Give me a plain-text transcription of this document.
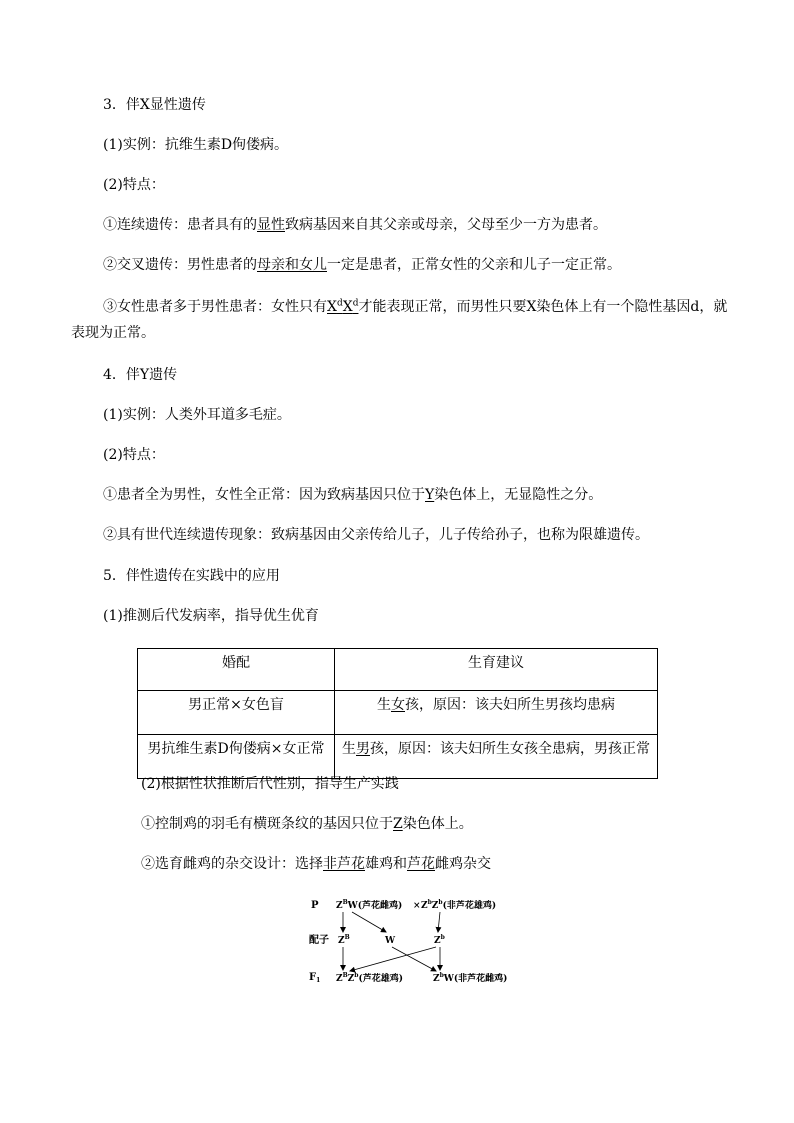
3．伴X显性遗传
(1)实例：抗维生素D佝偻病。
(2)特点：
①连续遗传：患者具有的显性致病基因来自其父亲或母亲，父母至少一方为患者。
②交叉遗传：男性患者的母亲和女儿一定是患者，正常女性的父亲和儿子一定正常。
③女性患者多于男性患者：女性只有$X^dX^d$才能表现正常，而男性只要X染色体上有一个隐性基因d，就
表现为正常。
4．伴Y遗传
(1)实例：人类外耳道多毛症。
(2)特点：
①患者全为男性，女性全正常：因为致病基因只位于Y染色体上，无显隐性之分。
②具有世代连续遗传现象：致病基因由父亲传给儿子，儿子传给孙子，也称为限雄遗传。
5．伴性遗传在实践中的应用
(1)推测后代发病率，指导优生优育
婚配	生育建议
男正常×女色盲	生女孩，原因：该夫妇所生男孩均患病
男抗维生素D佝偻病×女正常	生男孩，原因：该夫妇所生女孩全患病，男孩正常
(2)根据性状推断后代性别，指导生产实践
①控制鸡的羽毛有横斑条纹的基因只位于Z染色体上。
②选育雌鸡的杂交设计：选择非芦花雄鸡和芦花雌鸡杂交
P
配子
$F_1$
$Z^BW$(芦花雌鸡) × $Z^bZ^b$(非芦花雄鸡)
$Z^B$	W	$Z^b$
$Z^BZ^b$(芦花雄鸡)	$Z^bW$(非芦花雌鸡)
